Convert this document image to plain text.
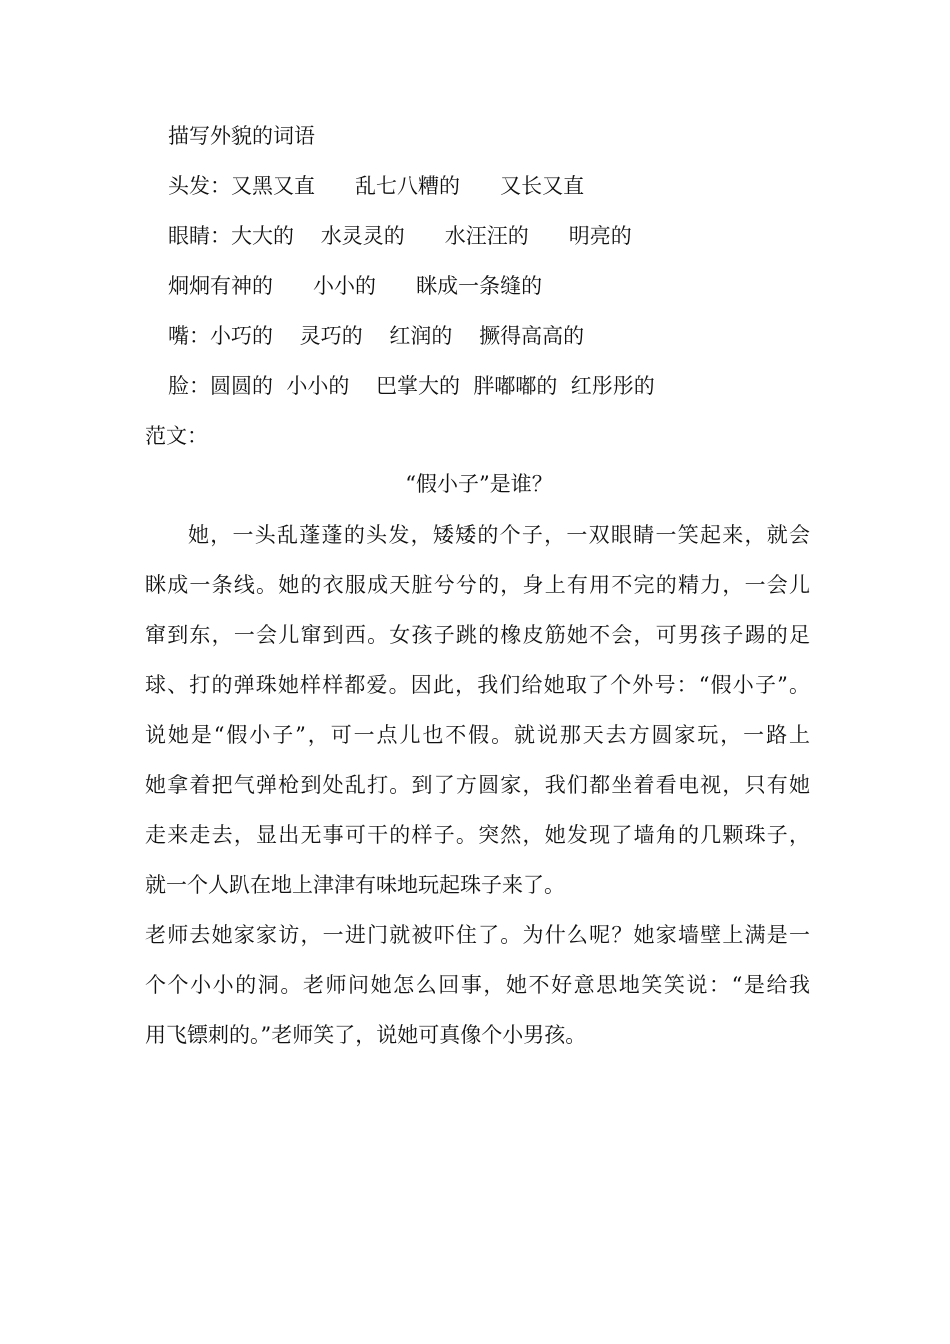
描写外貌的词语
头发：又黑又直      乱七八糟的      又长又直
眼睛：大大的    水灵灵的      水汪汪的      明亮的
炯炯有神的      小小的      眯成一条缝的
嘴：小巧的    灵巧的    红润的    撅得高高的
脸：圆圆的  小小的    巴掌大的  胖嘟嘟的  红彤彤的
范文：
“假小子”是谁？
她，一头乱蓬蓬的头发，矮矮的个子，一双眼睛一笑起来，就会
眯成一条线。她的衣服成天脏兮兮的，身上有用不完的精力，一会儿
窜到东，一会儿窜到西。女孩子跳的橡皮筋她不会，可男孩子踢的足
球、打的弹珠她样样都爱。因此，我们给她取了个外号：“假小子”。
说她是“假小子”，可一点儿也不假。就说那天去方圆家玩，一路上
她拿着把气弹枪到处乱打。到了方圆家，我们都坐着看电视，只有她
走来走去，显出无事可干的样子。突然，她发现了墙角的几颗珠子，
就一个人趴在地上津津有味地玩起珠子来了。
老师去她家家访，一进门就被吓住了。为什么呢？她家墙壁上满是一
个个小小的洞。老师问她怎么回事，她不好意思地笑笑说：“是给我
用飞镖刺的。”老师笑了，说她可真像个小男孩。
